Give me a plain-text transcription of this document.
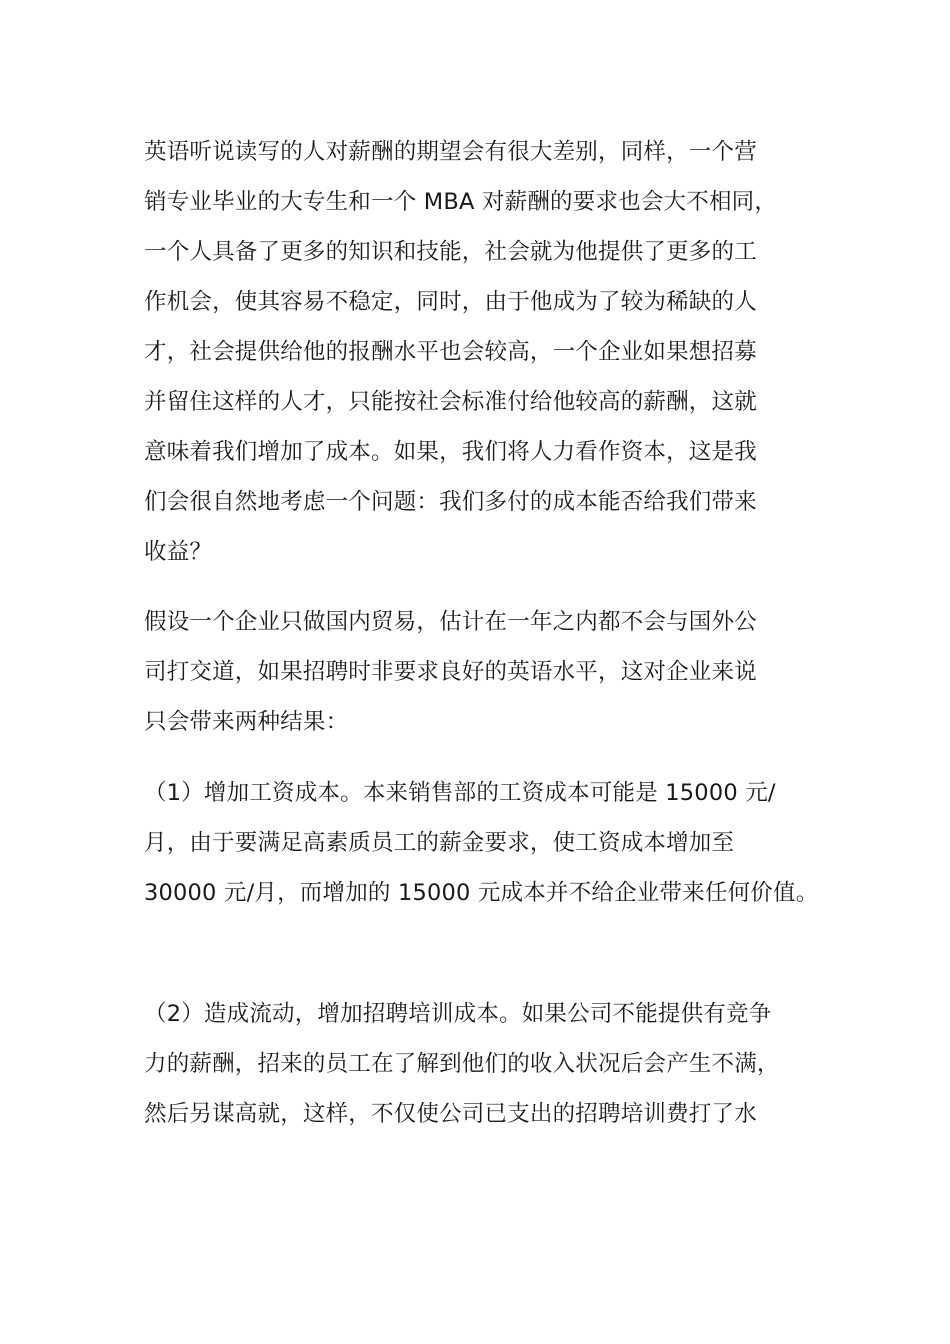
英语听说读写的人对薪酬的期望会有很大差别，同样，一个营
销专业毕业的大专生和一个 MBA 对薪酬的要求也会大不相同，
一个人具备了更多的知识和技能，社会就为他提供了更多的工
作机会，使其容易不稳定，同时，由于他成为了较为稀缺的人
才，社会提供给他的报酬水平也会较高，一个企业如果想招募
并留住这样的人才，只能按社会标准付给他较高的薪酬，这就
意味着我们增加了成本。如果，我们将人力看作资本，这是我
们会很自然地考虑一个问题：我们多付的成本能否给我们带来
收益？
假设一个企业只做国内贸易，估计在一年之内都不会与国外公
司打交道，如果招聘时非要求良好的英语水平，这对企业来说
只会带来两种结果：
（1）增加工资成本。本来销售部的工资成本可能是 15000 元/
月，由于要满足高素质员工的薪金要求，使工资成本增加至
30000 元/月，而增加的 15000 元成本并不给企业带来任何价值。
（2）造成流动，增加招聘培训成本。如果公司不能提供有竞争
力的薪酬，招来的员工在了解到他们的收入状况后会产生不满，
然后另谋高就，这样，不仅使公司已支出的招聘培训费打了水
